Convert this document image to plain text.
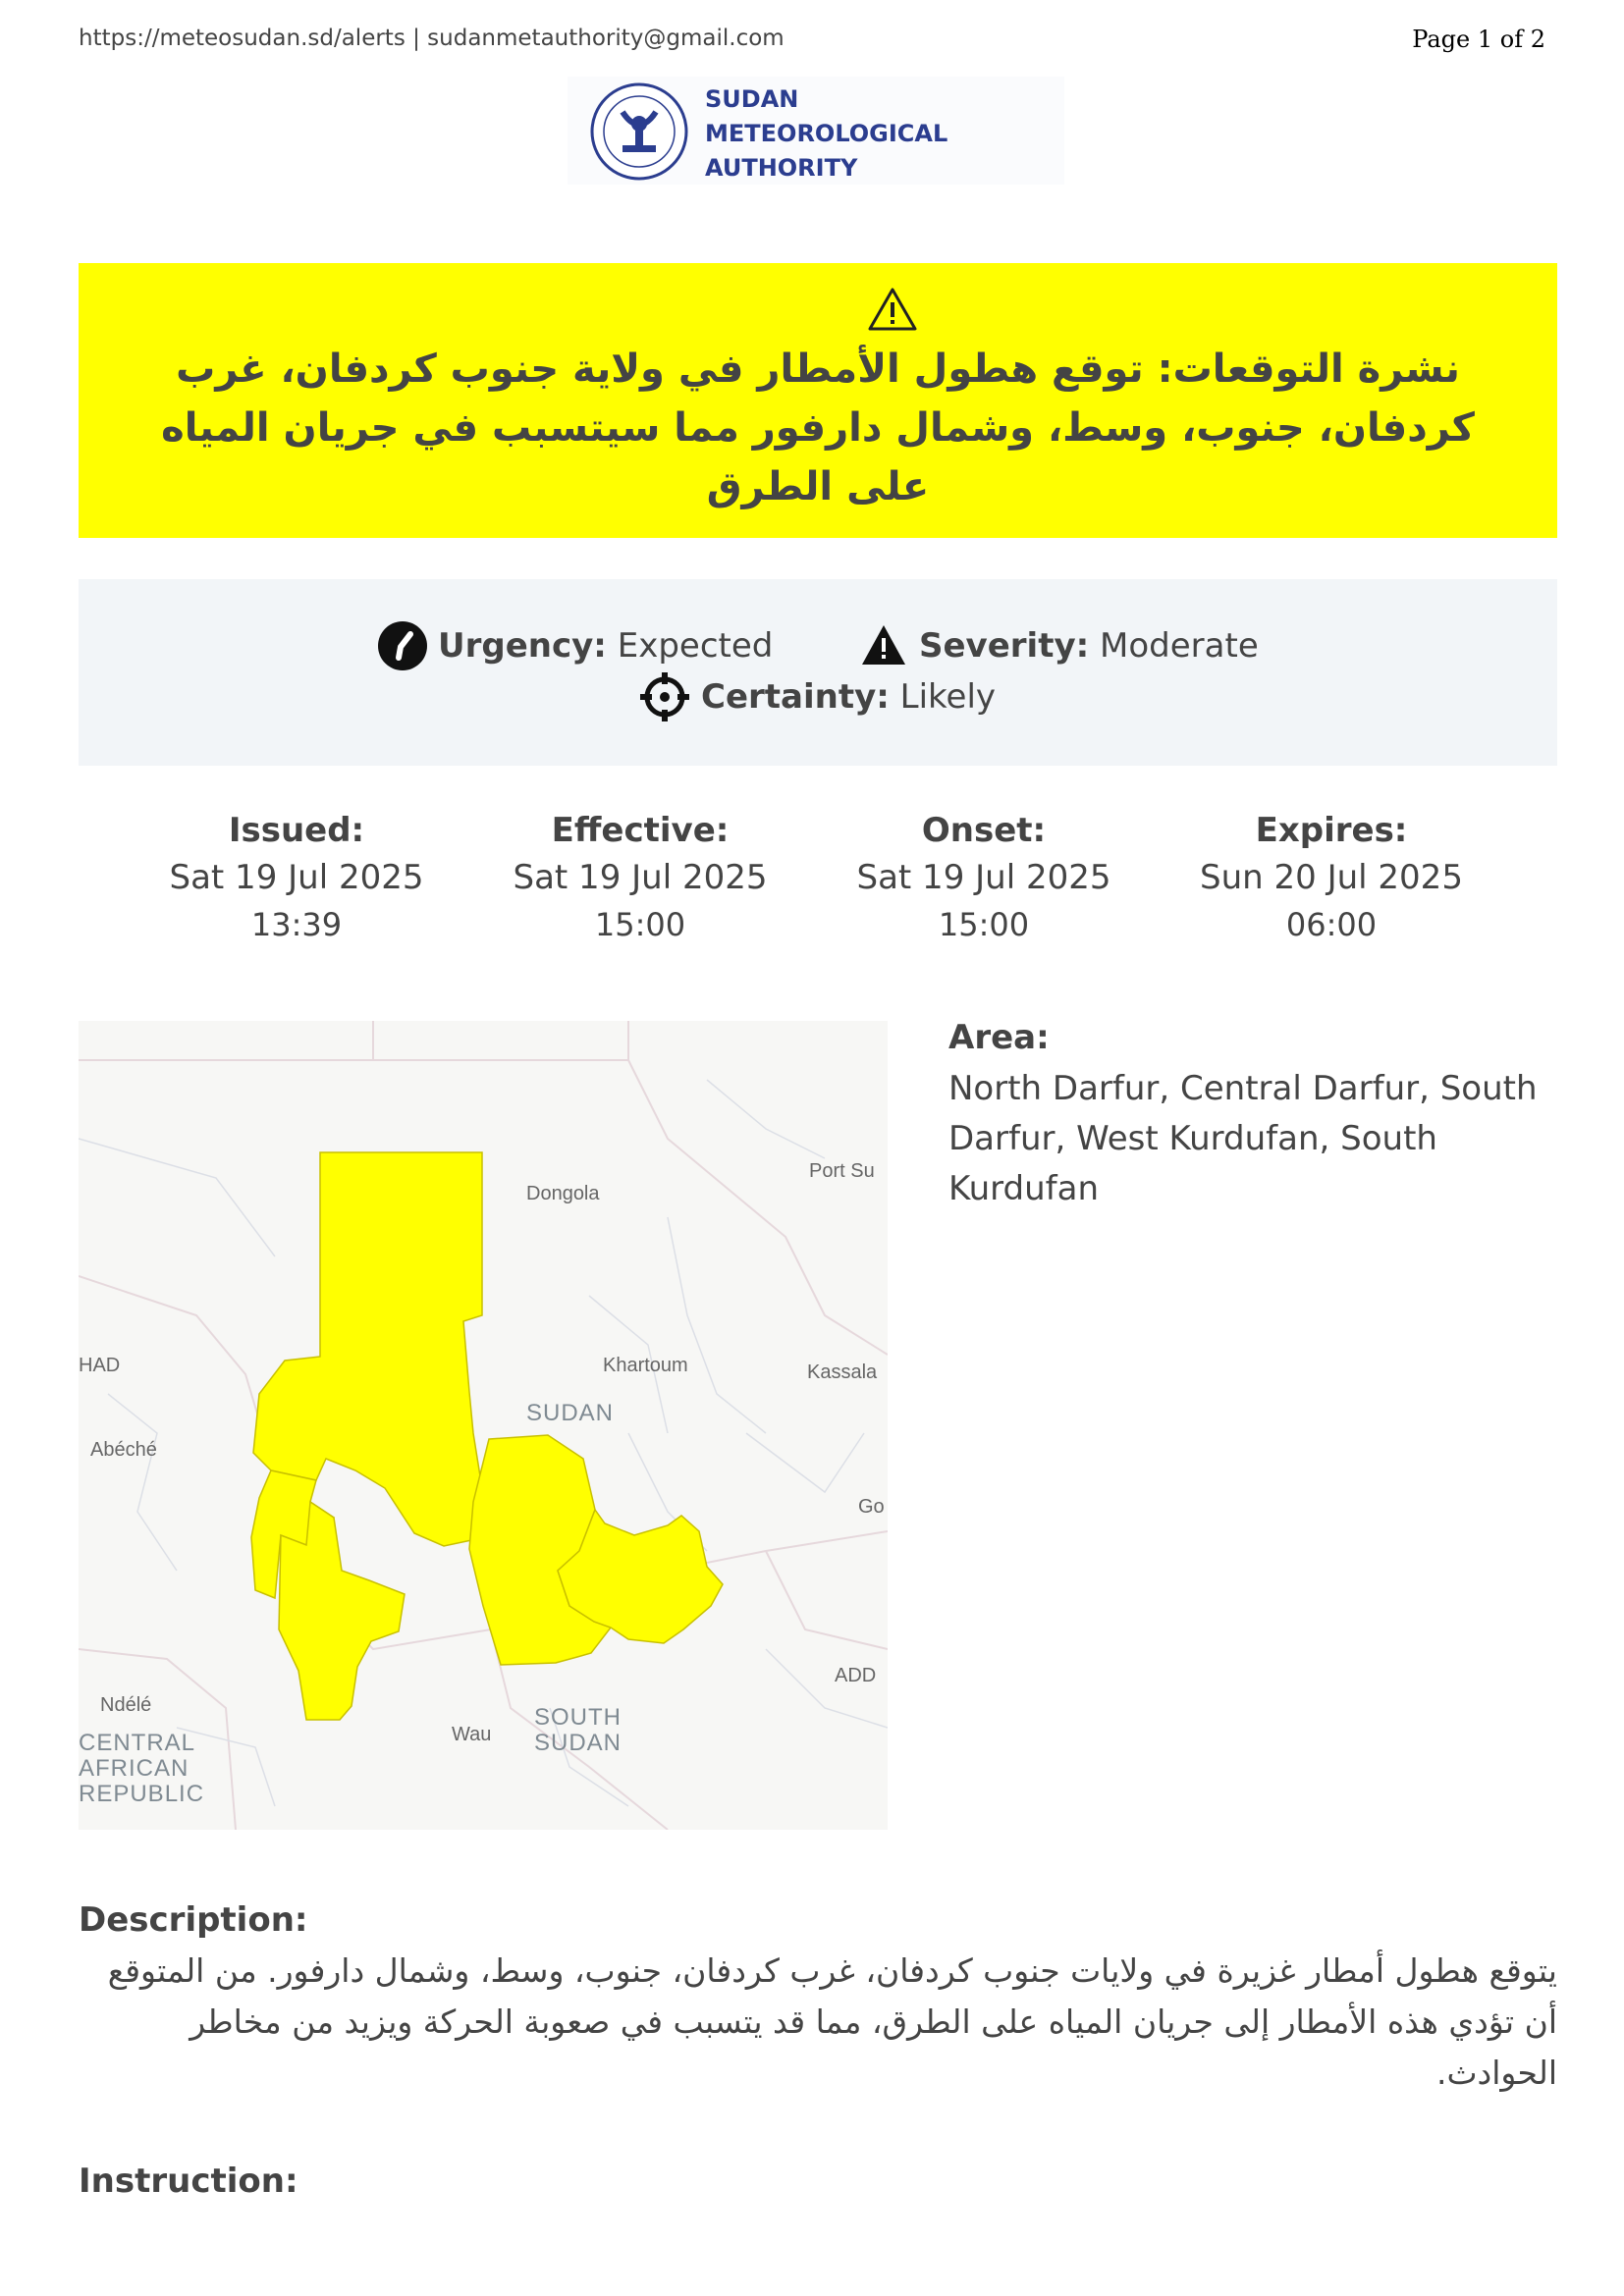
https://meteosudan.sd/alerts | sudanmetauthority@gmail.com	Page 1 of 2
SUDAN
METEOROLOGICAL
AUTHORITY
نشرة التوقعات: توقع هطول الأمطار في ولاية جنوب كردفان، غرب كردفان، جنوب، وسط، وشمال دارفور مما سيتسبب في جريان المياه على الطرق
Urgency: Expected	Severity: Moderate
Certainty: Likely
Issued:
Sat 19 Jul 2025
13:39
Effective:
Sat 19 Jul 2025
15:00
Onset:
Sat 19 Jul 2025
15:00
Expires:
Sun 20 Jul 2025
06:00
Dongola
Port Su
HAD	Khartoum	Kassala
SUDAN
Abéché
Go
ADD
Ndélé
CENTRAL
AFRICAN
REPUBLIC
Wau
SOUTH
SUDAN
Area:
North Darfur, Central Darfur, South Darfur, West Kurdufan, South Kurdufan
Description:
يتوقع هطول أمطار غزيرة في ولايات جنوب كردفان، غرب كردفان، جنوب، وسط، وشمال دارفور. من المتوقع أن تؤدي هذه الأمطار إلى جريان المياه على الطرق، مما قد يتسبب في صعوبة الحركة ويزيد من مخاطر الحوادث.
Instruction:
